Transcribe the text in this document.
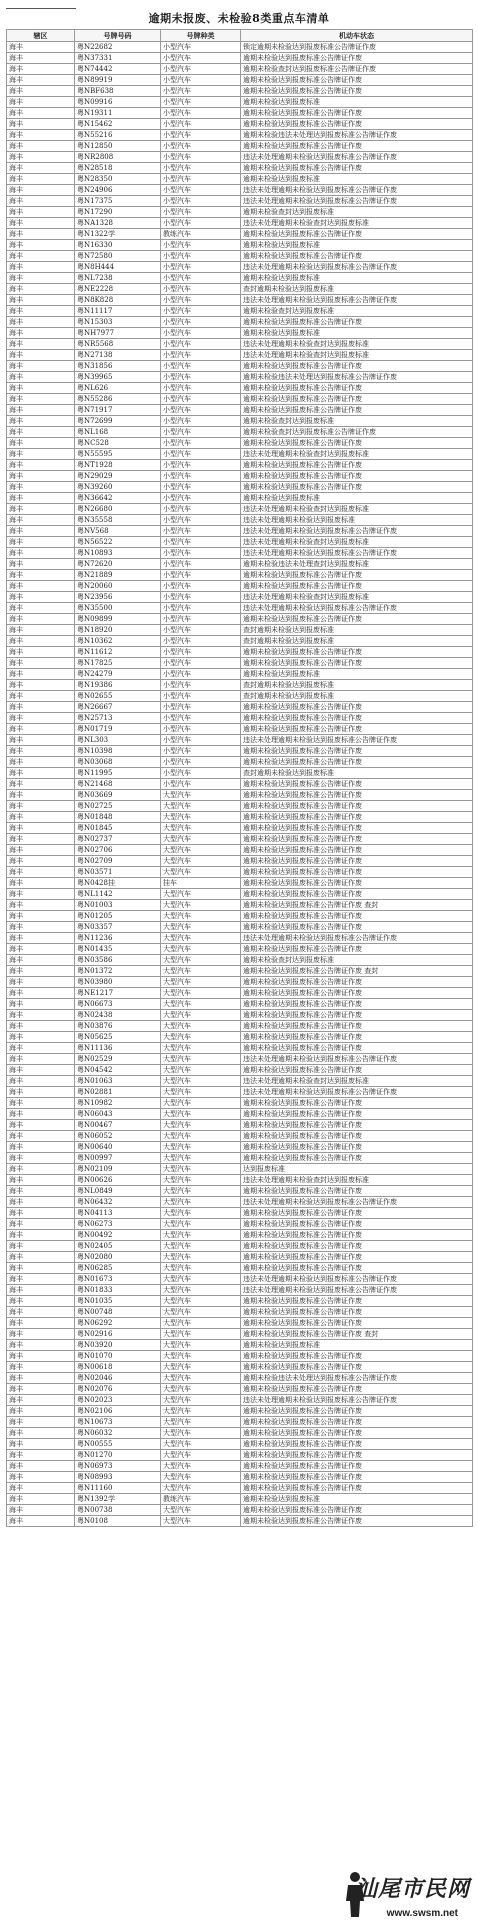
逾期未报废、未检验8类重点车清单
辖区	号牌号码	号牌种类	机动车状态
海丰	粤N22682	小型汽车	锁定逾期未检验达到报废标准公告牌证作废
海丰	粤N37331	小型汽车	逾期未检验达到报废标准公告牌证作废
海丰	粤N74442	小型汽车	逾期未检验查封达到报废标准公告牌证作废
海丰	粤N89919	小型汽车	逾期未检验达到报废标准公告牌证作废
海丰	粤NBF638	小型汽车	逾期未检验达到报废标准公告牌证作废
海丰	粤N09916	小型汽车	逾期未检验达到报废标准
海丰	粤N19311	小型汽车	逾期未检验达到报废标准公告牌证作废
海丰	粤N15462	小型汽车	逾期未检验达到报废标准公告牌证作废
海丰	粤N55216	小型汽车	逾期未检验违法未处理达到报废标准公告牌证作废
海丰	粤N12850	小型汽车	逾期未检验达到报废标准公告牌证作废
海丰	粤NR2808	小型汽车	违法未处理逾期未检验达到报废标准公告牌证作废
海丰	粤N28518	小型汽车	逾期未检验达到报废标准公告牌证作废
海丰	粤N28350	小型汽车	逾期未检验达到报废标准
海丰	粤N24906	小型汽车	违法未处理逾期未检验达到报废标准公告牌证作废
海丰	粤N17375	小型汽车	违法未处理逾期未检验达到报废标准公告牌证作废
海丰	粤N17290	小型汽车	逾期未检验查封达到报废标准
海丰	粤NA1328	小型汽车	违法未处理逾期未检验查封达到报废标准
海丰	粤N1322学	教练汽车	逾期未检验达到报废标准公告牌证作废
海丰	粤N16330	小型汽车	逾期未检验达到报废标准
海丰	粤N72580	小型汽车	逾期未检验达到报废标准公告牌证作废
海丰	粤N8H444	小型汽车	违法未处理逾期未检验达到报废标准公告牌证作废
海丰	粤NL7238	小型汽车	逾期未检验达到报废标准
海丰	粤NE2228	小型汽车	查封逾期未检验达到报废标准
海丰	粤N8K828	小型汽车	违法未处理逾期未检验达到报废标准公告牌证作废
海丰	粤N11117	小型汽车	逾期未检验查封达到报废标准
海丰	粤N15303	小型汽车	逾期未检验达到报废标准公告牌证作废
海丰	粤NH7977	小型汽车	逾期未检验达到报废标准
海丰	粤NR5568	小型汽车	违法未处理逾期未检验查封达到报废标准
海丰	粤N27138	小型汽车	违法未处理逾期未检验查封达到报废标准
海丰	粤N31856	小型汽车	逾期未检验达到报废标准公告牌证作废
海丰	粤N39965	小型汽车	逾期未检验违法未处理达到报废标准公告牌证作废
海丰	粤NL626	小型汽车	逾期未检验达到报废标准公告牌证作废
海丰	粤N55286	小型汽车	逾期未检验达到报废标准公告牌证作废
海丰	粤N71917	小型汽车	逾期未检验达到报废标准公告牌证作废
海丰	粤N72699	小型汽车	逾期未检验查封达到报废标准
海丰	粤NL168	小型汽车	逾期未检验查封达到报废标准公告牌证作废
海丰	粤NC528	小型汽车	逾期未检验达到报废标准公告牌证作废
海丰	粤N55595	小型汽车	违法未处理逾期未检验查封达到报废标准
海丰	粤NT1928	小型汽车	逾期未检验达到报废标准公告牌证作废
海丰	粤N29029	小型汽车	逾期未检验达到报废标准公告牌证作废
海丰	粤N39260	小型汽车	逾期未检验达到报废标准公告牌证作废
海丰	粤N36642	小型汽车	逾期未检验达到报废标准
海丰	粤N26680	小型汽车	违法未处理逾期未检验查封达到报废标准
海丰	粤N35558	小型汽车	违法未处理逾期未检验达到报废标准
海丰	粤NV568	小型汽车	违法未处理逾期未检验达到报废标准公告牌证作废
海丰	粤N56522	小型汽车	违法未处理逾期未检验查封达到报废标准
海丰	粤N10893	小型汽车	违法未处理逾期未检验达到报废标准公告牌证作废
海丰	粤N72620	小型汽车	逾期未检验违法未处理查封达到报废标准
海丰	粤N21889	小型汽车	逾期未检验达到报废标准公告牌证作废
海丰	粤N20060	小型汽车	逾期未检验达到报废标准公告牌证作废
海丰	粤N23956	小型汽车	违法未处理逾期未检验查封达到报废标准
海丰	粤N35500	小型汽车	违法未处理逾期未检验达到报废标准公告牌证作废
海丰	粤N09899	小型汽车	逾期未检验达到报废标准公告牌证作废
海丰	粤N18920	小型汽车	查封逾期未检验达到报废标准
海丰	粤N10362	小型汽车	查封逾期未检验达到报废标准
海丰	粤N11612	小型汽车	逾期未检验达到报废标准公告牌证作废
海丰	粤N17825	小型汽车	逾期未检验达到报废标准公告牌证作废
海丰	粤N24279	小型汽车	逾期未检验达到报废标准
海丰	粤N19386	小型汽车	查封逾期未检验达到报废标准
海丰	粤N02655	小型汽车	查封逾期未检验达到报废标准
海丰	粤N26667	小型汽车	逾期未检验达到报废标准公告牌证作废
海丰	粤N25713	小型汽车	逾期未检验达到报废标准公告牌证作废
海丰	粤N01719	小型汽车	逾期未检验达到报废标准公告牌证作废
海丰	粤NL303	小型汽车	违法未处理逾期未检验达到报废标准公告牌证作废
海丰	粤N10398	小型汽车	逾期未检验达到报废标准公告牌证作废
海丰	粤N03068	小型汽车	逾期未检验达到报废标准公告牌证作废
海丰	粤N11995	小型汽车	查封逾期未检验达到报废标准
海丰	粤N21468	小型汽车	逾期未检验达到报废标准公告牌证作废
海丰	粤N03669	大型汽车	逾期未检验达到报废标准公告牌证作废
海丰	粤N02725	大型汽车	逾期未检验达到报废标准公告牌证作废
海丰	粤N01848	大型汽车	逾期未检验达到报废标准公告牌证作废
海丰	粤N01845	大型汽车	逾期未检验达到报废标准公告牌证作废
海丰	粤N02737	大型汽车	逾期未检验达到报废标准公告牌证作废
海丰	粤N02706	大型汽车	逾期未检验达到报废标准公告牌证作废
海丰	粤N02709	大型汽车	逾期未检验达到报废标准公告牌证作废
海丰	粤N03571	大型汽车	逾期未检验达到报废标准公告牌证作废
海丰	粤N0428挂	挂车	逾期未检验达到报废标准公告牌证作废
海丰	粤NL1142	大型汽车	逾期未检验达到报废标准公告牌证作废
海丰	粤N01003	大型汽车	逾期未检验达到报废标准公告牌证作废 查封
海丰	粤N01205	大型汽车	逾期未检验达到报废标准公告牌证作废
海丰	粤N03357	大型汽车	逾期未检验达到报废标准公告牌证作废
海丰	粤N11236	大型汽车	违法未处理逾期未检验达到报废标准公告牌证作废
海丰	粤N01435	大型汽车	逾期未检验达到报废标准公告牌证作废
海丰	粤N03586	大型汽车	逾期未检验查封达到报废标准
海丰	粤N01372	大型汽车	逾期未检验达到报废标准公告牌证作废 查封
海丰	粤N03980	大型汽车	逾期未检验达到报废标准公告牌证作废
海丰	粤NE1217	大型汽车	逾期未检验达到报废标准公告牌证作废
海丰	粤N06673	大型汽车	逾期未检验达到报废标准公告牌证作废
海丰	粤N02438	大型汽车	逾期未检验达到报废标准公告牌证作废
海丰	粤N03876	大型汽车	逾期未检验达到报废标准公告牌证作废
海丰	粤N05625	大型汽车	逾期未检验达到报废标准公告牌证作废
海丰	粤N11136	大型汽车	逾期未检验达到报废标准公告牌证作废
海丰	粤N02529	大型汽车	违法未处理逾期未检验达到报废标准公告牌证作废
海丰	粤N04542	大型汽车	逾期未检验达到报废标准公告牌证作废
海丰	粤N01063	大型汽车	违法未处理逾期未检验查封达到报废标准
海丰	粤N02881	大型汽车	违法未处理逾期未检验达到报废标准公告牌证作废
海丰	粤N10982	大型汽车	逾期未检验达到报废标准公告牌证作废
海丰	粤N06043	大型汽车	逾期未检验达到报废标准公告牌证作废
海丰	粤N00467	大型汽车	逾期未检验达到报废标准公告牌证作废
海丰	粤N06052	大型汽车	逾期未检验达到报废标准公告牌证作废
海丰	粤N00640	大型汽车	逾期未检验达到报废标准公告牌证作废
海丰	粤N00997	大型汽车	逾期未检验达到报废标准公告牌证作废
海丰	粤N02109	大型汽车	达到报废标准
海丰	粤N00626	大型汽车	违法未处理逾期未检验查封达到报废标准
海丰	粤NL0849	大型汽车	逾期未检验达到报废标准公告牌证作废
海丰	粤N06432	大型汽车	违法未处理逾期未检验达到报废标准公告牌证作废
海丰	粤N04113	大型汽车	逾期未检验达到报废标准公告牌证作废
海丰	粤N06273	大型汽车	逾期未检验达到报废标准公告牌证作废
海丰	粤N00492	大型汽车	逾期未检验达到报废标准公告牌证作废
海丰	粤N02405	大型汽车	逾期未检验达到报废标准公告牌证作废
海丰	粤N02080	大型汽车	逾期未检验达到报废标准公告牌证作废
海丰	粤N06285	大型汽车	逾期未检验达到报废标准公告牌证作废
海丰	粤N01673	大型汽车	违法未处理逾期未检验达到报废标准公告牌证作废
海丰	粤N01833	大型汽车	违法未处理逾期未检验达到报废标准公告牌证作废
海丰	粤N01035	大型汽车	逾期未检验达到报废标准公告牌证作废
海丰	粤N00748	大型汽车	逾期未检验达到报废标准公告牌证作废
海丰	粤N06292	大型汽车	逾期未检验达到报废标准公告牌证作废
海丰	粤N02916	大型汽车	逾期未检验达到报废标准公告牌证作废 查封
海丰	粤N03920	大型汽车	逾期未检验达到报废标准
海丰	粤N01070	大型汽车	逾期未检验达到报废标准公告牌证作废
海丰	粤N00618	大型汽车	逾期未检验达到报废标准公告牌证作废
海丰	粤N02046	大型汽车	逾期未检验违法未处理达到报废标准公告牌证作废
海丰	粤N02076	大型汽车	逾期未检验达到报废标准公告牌证作废
海丰	粤N02023	大型汽车	违法未处理逾期未检验达到报废标准公告牌证作废
海丰	粤N02106	大型汽车	逾期未检验达到报废标准公告牌证作废
海丰	粤N10673	大型汽车	逾期未检验达到报废标准公告牌证作废
海丰	粤N06032	大型汽车	逾期未检验达到报废标准公告牌证作废
海丰	粤N00555	大型汽车	逾期未检验达到报废标准公告牌证作废
海丰	粤N01270	大型汽车	逾期未检验达到报废标准公告牌证作废
海丰	粤N06973	大型汽车	逾期未检验达到报废标准公告牌证作废
海丰	粤N08993	大型汽车	逾期未检验达到报废标准公告牌证作废
海丰	粤N11160	大型汽车	逾期未检验达到报废标准公告牌证作废
海丰	粤N1392学	教练汽车	逾期未检验达到报废标准
海丰	粤N00738	大型汽车	逾期未检验达到报废标准公告牌证作废
海丰	粤N0108	大型汽车	逾期未检验达到报废标准公告牌证作废
汕尾市民网
www.swsm.net
